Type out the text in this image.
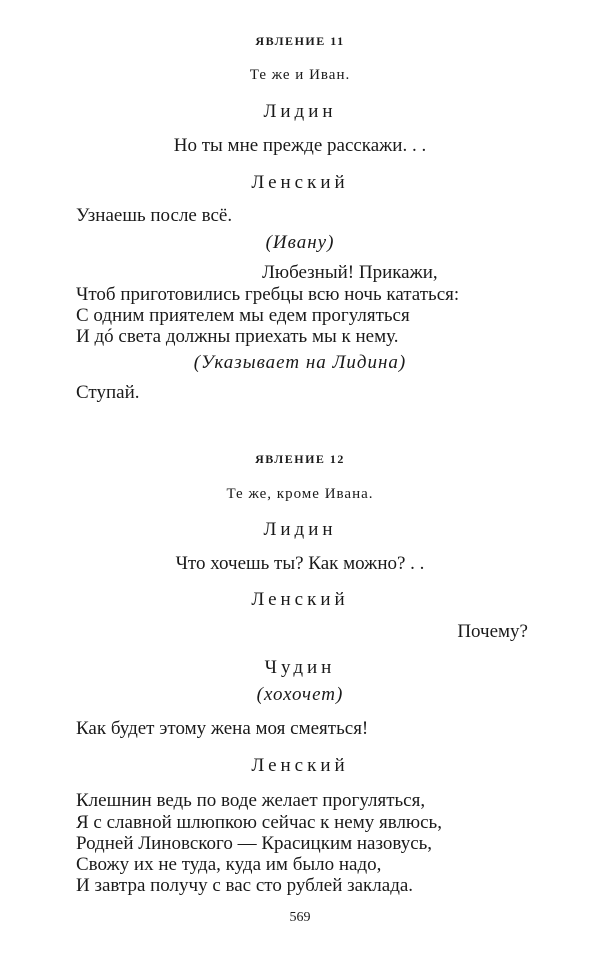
ЯВЛЕНИЕ 11
Те же и Иван.
Лидин
Но ты мне прежде расскажи. . .
Ленский
Узнаешь после всё.
(Ивану)
Любезный! Прикажи,
Чтоб приготовились гребцы всю ночь кататься:
С одним приятелем мы едем прогуляться
И дó света должны приехать мы к нему.
(Указывает на Лидина)
Ступай.
ЯВЛЕНИЕ 12
Те же, кроме Ивана.
Лидин
Что хочешь ты? Как можно? . .
Ленский
Почему?
Чудин
(хохочет)
Как будет этому жена моя смеяться!
Ленский
Клешнин ведь по воде желает прогуляться,
Я с славной шлюпкою сейчас к нему явлюсь,
Родней Линовского — Красицким назовусь,
Свожу их не туда, куда им было надо,
И завтра получу с вас сто рублей заклада.
569
